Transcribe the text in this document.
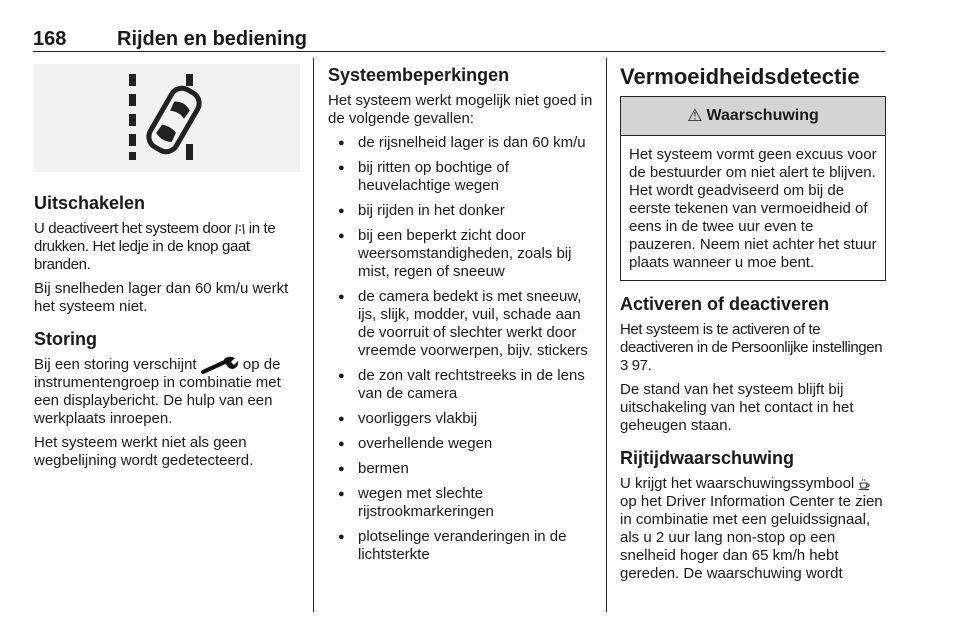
168	Rijden en bediening
Uitschakelen

U deactiveert het systeem door  in te drukken. Het ledje in de knop gaat branden.

Bij snelheden lager dan 60 km/u werkt het systeem niet.

Storing

Bij een storing verschijnt	op de instrumentengroep in combinatie met een displaybericht. De hulp van een werkplaats inroepen.

Het systeem werkt niet als geen wegbelijning wordt gedetecteerd.

Systeembeperkingen

Het systeem werkt mogelijk niet goed in de volgende gevallen:

● de rijsnelheid lager is dan 60 km/u
● bij ritten op bochtige of heuvelachtige wegen
● bij rijden in het donker
● bij een beperkt zicht door weersomstandigheden, zoals bij mist, regen of sneeuw
● de camera bedekt is met sneeuw, ijs, slijk, modder, vuil, schade aan de voorruit of slechter werkt door vreemde voorwerpen, bijv. stickers
● de zon valt rechtstreeks in de lens van de camera
● voorliggers vlakbij
● overhellende wegen
● bermen
● wegen met slechte rijstrookmarkeringen
● plotselinge veranderingen in de lichtsterkte
Vermoeidheidsdetectie
⚠ Waarschuwing
Het systeem vormt geen excuus voor de bestuurder om niet alert te blijven. Het wordt geadviseerd om bij de eerste tekenen van vermoeidheid of eens in de twee uur even te pauzeren. Neem niet achter het stuur plaats wanneer u moe bent.
Activeren of deactiveren

Het systeem is te activeren of te deactiveren in de Persoonlijke instellingen
3 97.

De stand van het systeem blijft bij uitschakeling van het contact in het geheugen staan.

Rijtijdwaarschuwing

U krijgt het waarschuwingssymbool  op het Driver Information Center te zien in combinatie met een geluidssignaal, als u 2 uur lang non-stop op een snelheid hoger dan 65 km/h hebt gereden. De waarschuwing wordt
